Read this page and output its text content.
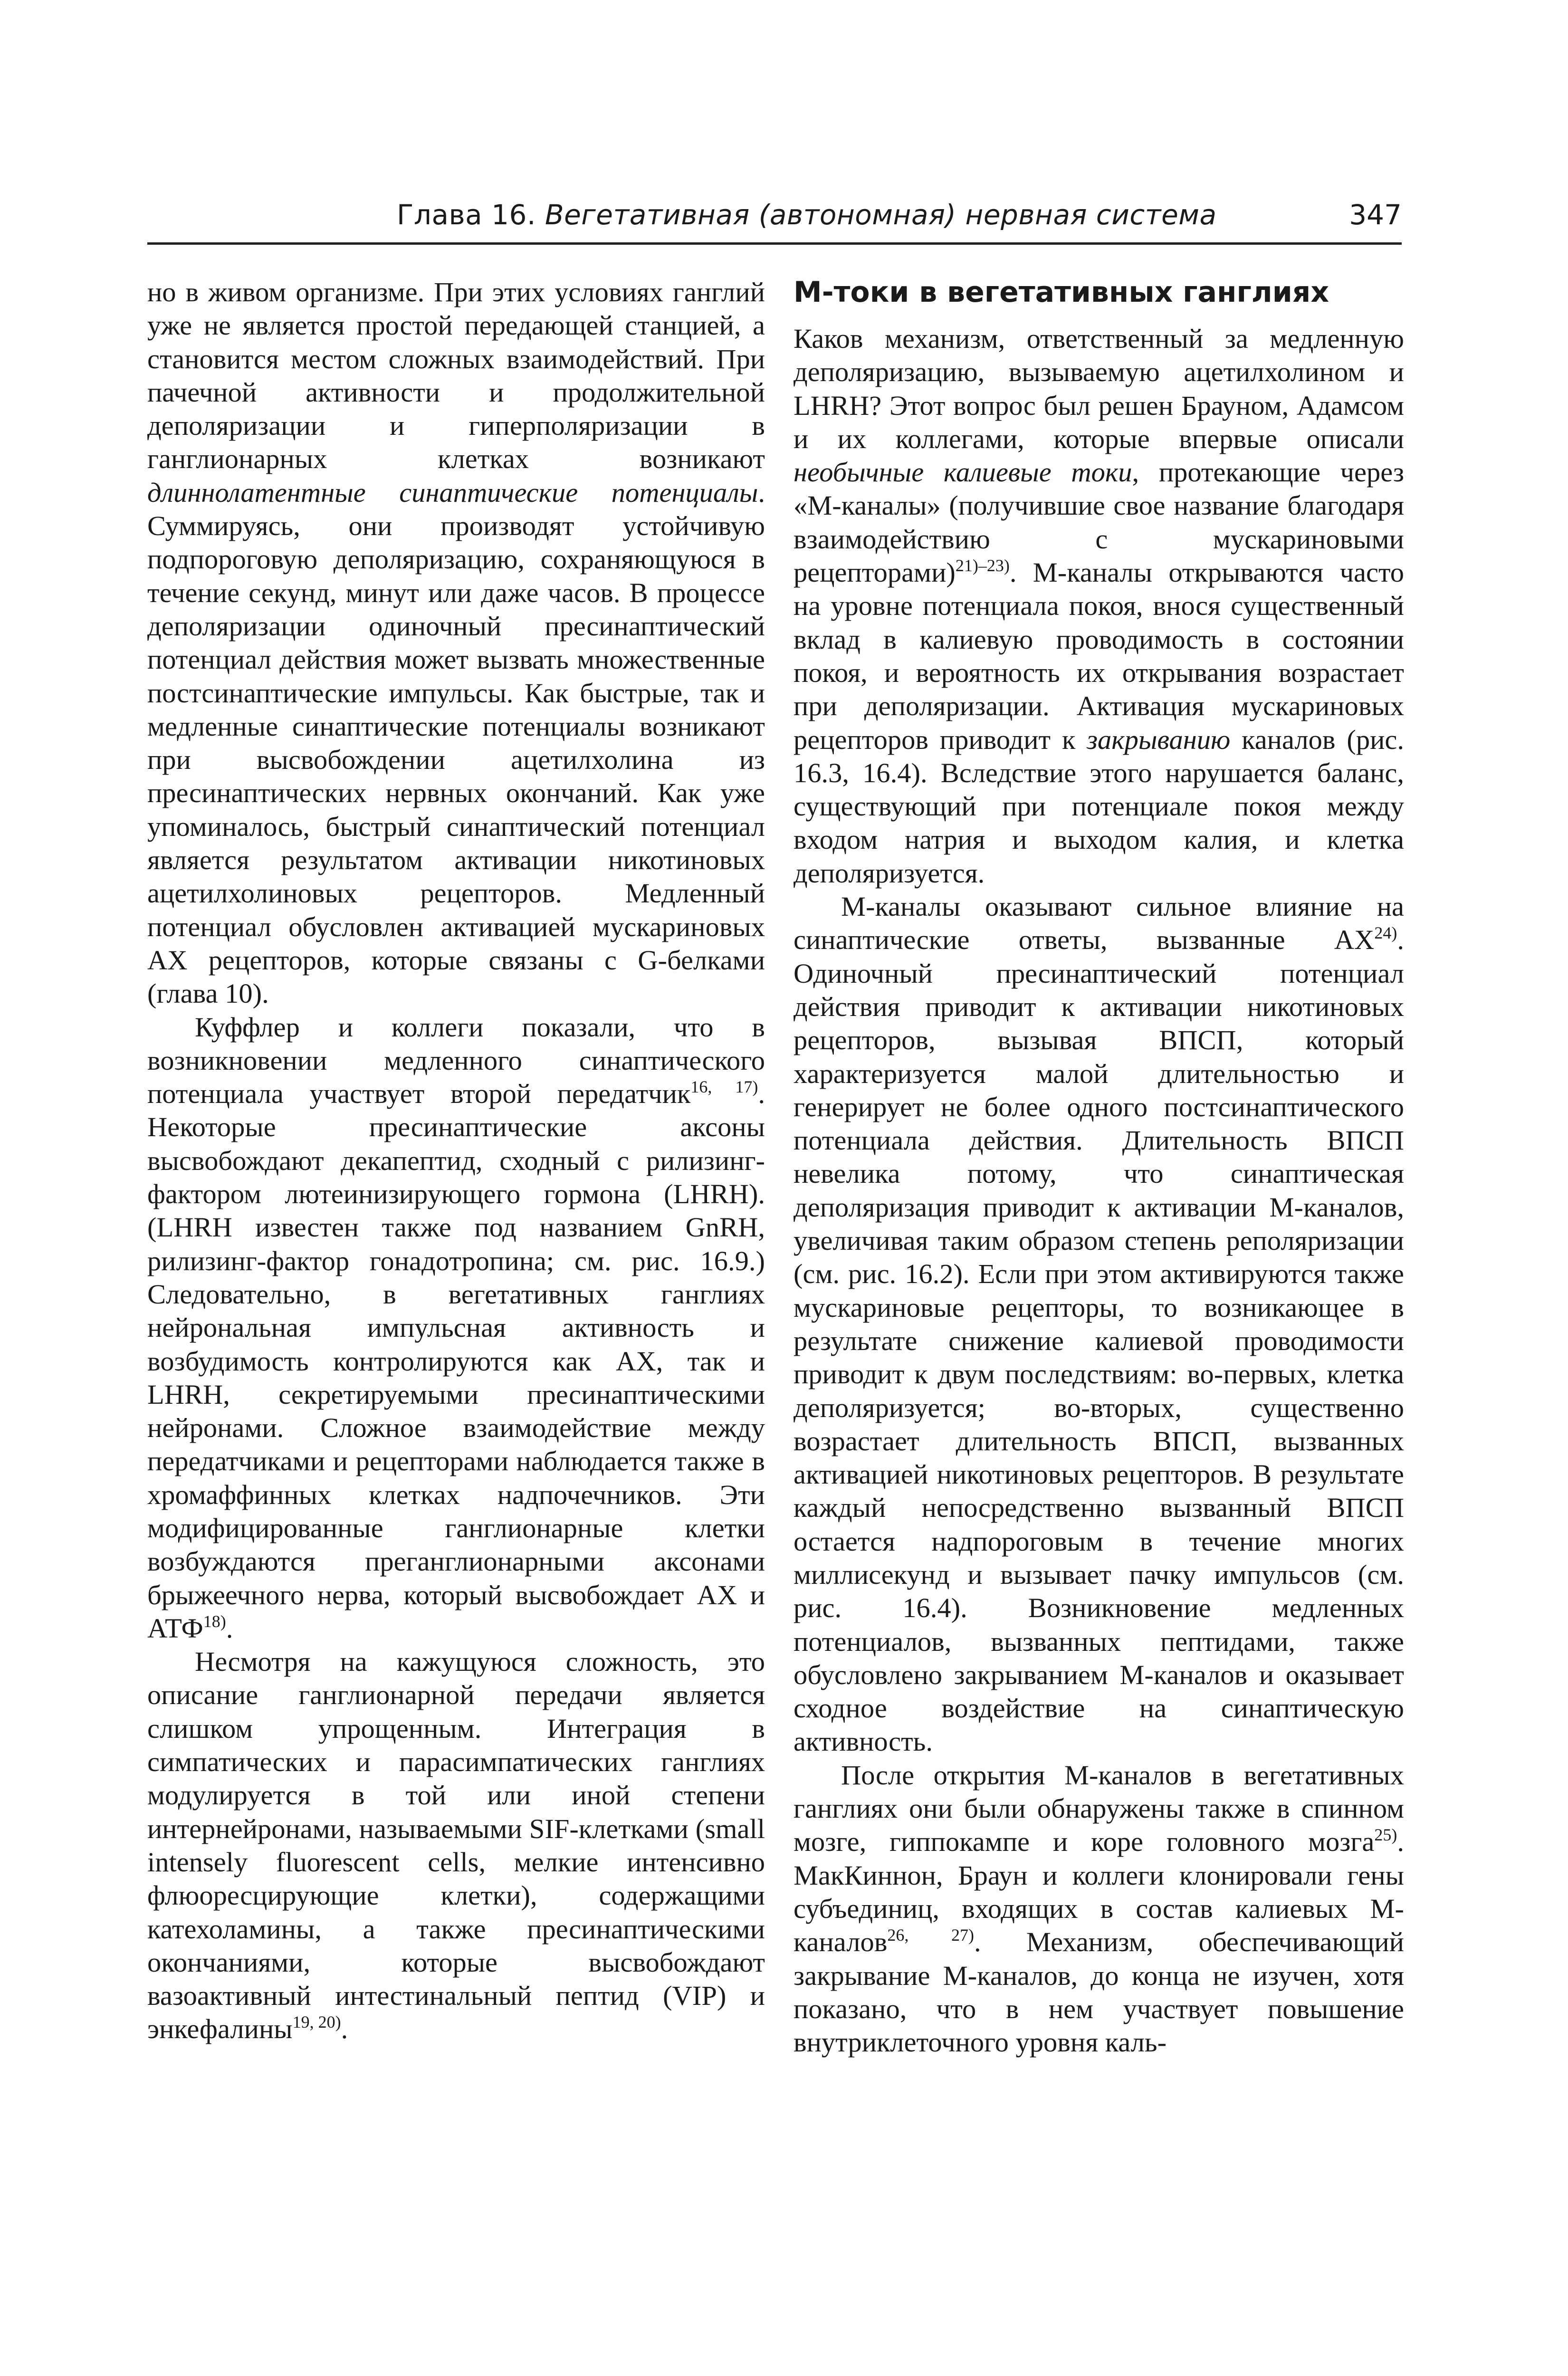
Глава 16. Вегетативная (автономная) нервная система	347

но в живом организме. При этих условиях ганглий уже не является простой передающей станцией, а становится местом сложных взаимодействий. При пачечной активности и продолжительной деполяризации и гиперполяризации в ганглионарных клетках возникают длиннолатентные синаптические потенциалы. Суммируясь, они производят устойчивую подпороговую деполяризацию, сохраняющуюся в течение секунд, минут или даже часов. В процессе деполяризации одиночный пресинаптический потенциал действия может вызвать множественные постсинаптические импульсы. Как быстрые, так и медленные синаптические потенциалы возникают при высвобождении ацетилхолина из пресинаптических нервных окончаний. Как уже упоминалось, быстрый синаптический потенциал является результатом активации никотиновых ацетилхолиновых рецепторов. Медленный потенциал обусловлен активацией мускариновых АХ рецепторов, которые связаны с G-белками (глава 10).

Куффлер и коллеги показали, что в возникновении медленного синаптического потенциала участвует второй передатчик$^{16, 17)}$. Некоторые пресинаптические аксоны высвобождают декапептид, сходный с рилизинг-фактором лютеинизирующего гормона (LHRH). (LHRH известен также под названием GnRH, рилизинг-фактор гонадотропина; см. рис. 16.9.) Следовательно, в вегетативных ганглиях нейрональная импульсная активность и возбудимость контролируются как АХ, так и LHRH, секретируемыми пресинаптическими нейронами. Сложное взаимодействие между передатчиками и рецепторами наблюдается также в хромаффинных клетках надпочечников. Эти модифицированные ганглионарные клетки возбуждаются преганглионарными аксонами брыжеечного нерва, который высвобождает АХ и АТФ$^{18)}$.

Несмотря на кажущуюся сложность, это описание ганглионарной передачи является слишком упрощенным. Интеграция в симпатических и парасимпатических ганглиях модулируется в той или иной степени интернейронами, называемыми SIF-клетками (small intensely fluorescent cells, мелкие интенсивно флюоресцирующие клетки), содержащими катехоламины, а также пресинаптическими окончаниями, которые высвобождают вазоактивный интестинальный пептид (VIP) и энкефалины$^{19, 20)}$.

М-токи в вегетативных ганглиях

Каков механизм, ответственный за медленную деполяризацию, вызываемую ацетилхолином и LHRH? Этот вопрос был решен Брауном, Адамсом и их коллегами, которые впервые описали необычные калиевые токи, протекающие через «М-каналы» (получившие свое название благодаря взаимодействию с мускариновыми рецепторами)$^{21)-23)}$. М-каналы открываются часто на уровне потенциала покоя, внося существенный вклад в калиевую проводимость в состоянии покоя, и вероятность их открывания возрастает при деполяризации. Активация мускариновых рецепторов приводит к закрыванию каналов (рис. 16.3, 16.4). Вследствие этого нарушается баланс, существующий при потенциале покоя между входом натрия и выходом калия, и клетка деполяризуется.

М-каналы оказывают сильное влияние на синаптические ответы, вызванные АХ$^{24)}$. Одиночный пресинаптический потенциал действия приводит к активации никотиновых рецепторов, вызывая ВПСП, который характеризуется малой длительностью и генерирует не более одного постсинаптического потенциала действия. Длительность ВПСП невелика потому, что синаптическая деполяризация приводит к активации М-каналов, увеличивая таким образом степень реполяризации (см. рис. 16.2). Если при этом активируются также мускариновые рецепторы, то возникающее в результате снижение калиевой проводимости приводит к двум последствиям: во-первых, клетка деполяризуется; во-вторых, существенно возрастает длительность ВПСП, вызванных активацией никотиновых рецепторов. В результате каждый непосредственно вызванный ВПСП остается надпороговым в течение многих миллисекунд и вызывает пачку импульсов (см. рис. 16.4). Возникновение медленных потенциалов, вызванных пептидами, также обусловлено закрыванием М-каналов и оказывает сходное воздействие на синаптическую активность.

После открытия М-каналов в вегетативных ганглиях они были обнаружены также в спинном мозге, гиппокампе и коре головного мозга$^{25)}$. МакКиннон, Браун и коллеги клонировали гены субъединиц, входящих в состав калиевых М-каналов$^{26, 27)}$. Механизм, обеспечивающий закрывание М-каналов, до конца не изучен, хотя показано, что в нем участвует повышение внутриклеточного уровня каль-
